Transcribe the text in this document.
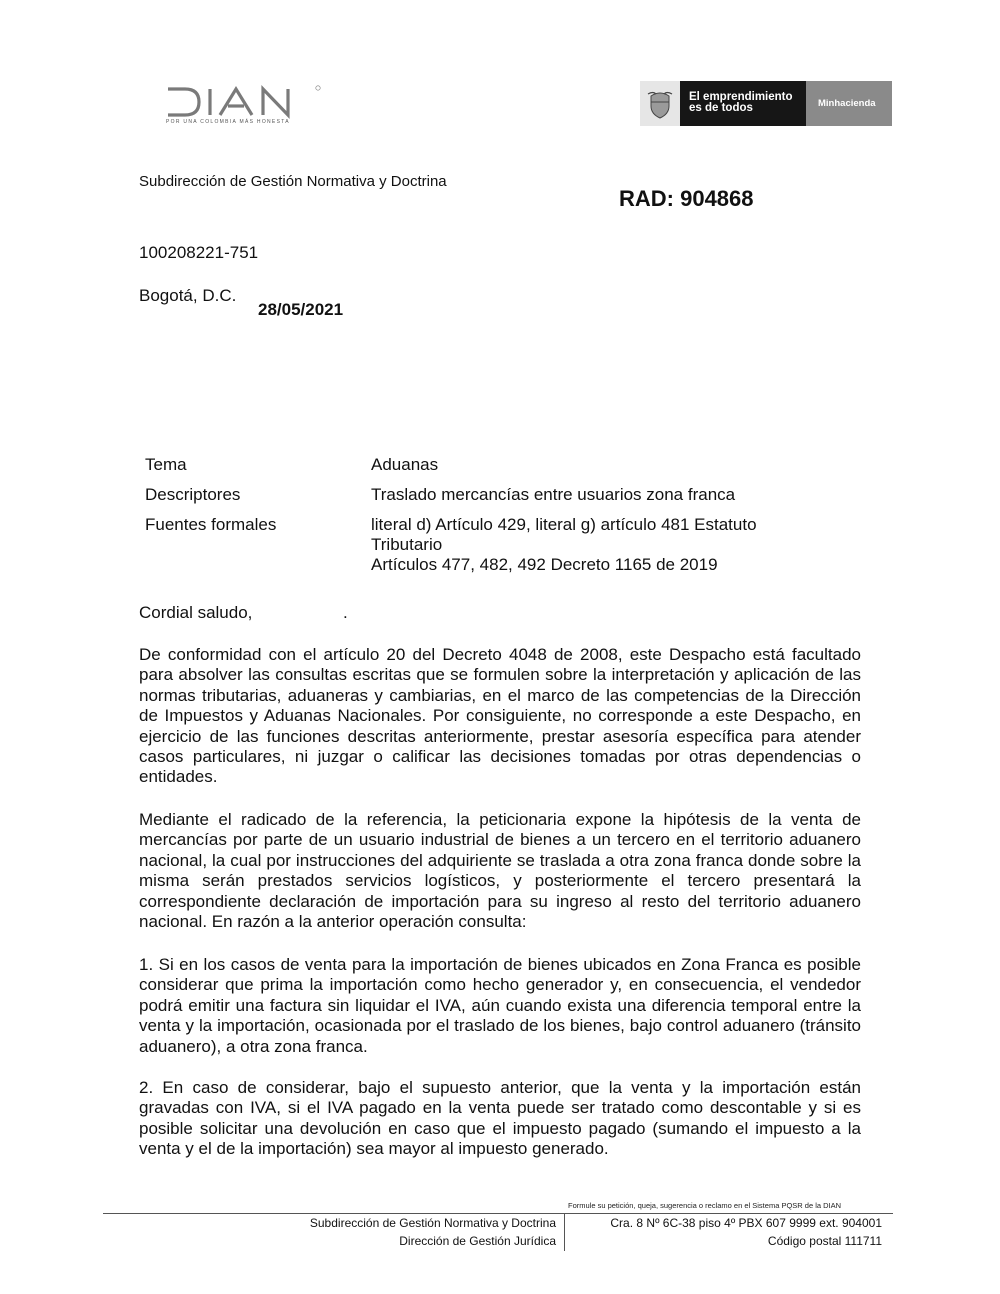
POR UNA COLOMBIA MÁS HONESTA
El emprendimiento
es de todos	Minhacienda
Subdirección de Gestión Normativa y Doctrina
RAD: 904868
100208221-751
Bogotá, D.C.
28/05/2021
Tema	Aduanas
Descriptores	Traslado mercancías entre usuarios zona franca
Fuentes formales	literal d) Artículo 429, literal g) artículo 481 Estatuto Tributario
Artículos 477, 482, 492 Decreto 1165 de 2019
Cordial saludo,	.

De conformidad con el artículo 20 del Decreto 4048 de 2008, este Despacho está facultado para absolver las consultas escritas que se formulen sobre la interpretación y aplicación de las normas tributarias, aduaneras y cambiarias, en el marco de las competencias de la Dirección de Impuestos y Aduanas Nacionales. Por consiguiente, no corresponde a este Despacho, en ejercicio de las funciones descritas anteriormente, prestar asesoría específica para atender casos particulares, ni juzgar o calificar las decisiones tomadas por otras dependencias o entidades.

Mediante el radicado de la referencia, la peticionaria expone la hipótesis de la venta de mercancías por parte de un usuario industrial de bienes a un tercero en el territorio aduanero nacional, la cual por instrucciones del adquiriente se traslada a otra zona franca donde sobre la misma serán prestados servicios logísticos, y posteriormente el tercero presentará la correspondiente declaración de importación para su ingreso al resto del territorio aduanero nacional. En razón a la anterior operación consulta:

1. Si en los casos de venta para la importación de bienes ubicados en Zona Franca es posible considerar que prima la importación como hecho generador y, en consecuencia, el vendedor podrá emitir una factura sin liquidar el IVA, aún cuando exista una diferencia temporal entre la venta y la importación, ocasionada por el traslado de los bienes, bajo control aduanero (tránsito aduanero), a otra zona franca.

2. En caso de considerar, bajo el supuesto anterior, que la venta y la importación están gravadas con IVA, si el IVA pagado en la venta puede ser tratado como descontable y si es posible solicitar una devolución en caso que el impuesto pagado (sumando el impuesto a la venta y el de la importación) sea mayor al impuesto generado.

Formule su petición, queja, sugerencia o reclamo en el Sistema PQSR de la DIAN
Subdirección de Gestión Normativa y Doctrina
Dirección de Gestión Jurídica
Cra. 8 Nº 6C-38 piso 4º PBX 607 9999 ext. 904001
Código postal 111711
